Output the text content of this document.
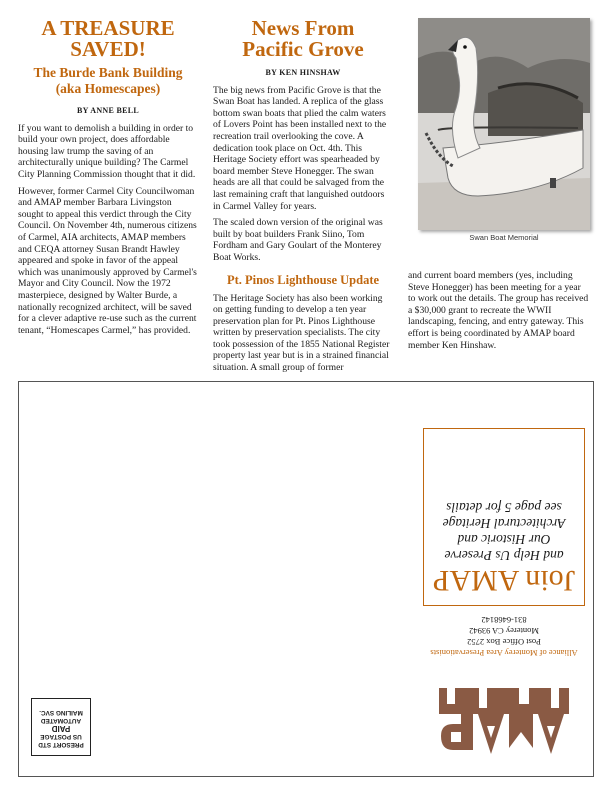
A TREASURE
SAVED!
The Burde Bank Building
(aka Homescapes)
BY ANNE BELL

If you want to demolish a building in order to build your own project, does affordable housing law trump the saving of an architecturally unique building? The Carmel City Planning Commission thought that it did.

However, former Carmel City Councilwoman and AMAP member Barbara Livingston sought to appeal this verdict through the City Council. On November 4th, numerous citizens of Carmel, AIA architects, AMAP members and CEQA attorney Susan Brandt Hawley appeared and spoke in favor of the appeal which was unanimously approved by Carmel's Mayor and City Council. Now the 1972 masterpiece, designed by Walter Burde, a nationally recognized architect, will be saved for a clever adaptive re-use such as the current tenant, “Homescapes Carmel,” has provided.

News From
Pacific Grove
BY KEN HINSHAW

The big news from Pacific Grove is that the Swan Boat has landed. A replica of the glass bottom swan boats that plied the calm waters of Lovers Point has been installed next to the recreation trail overlooking the cove. A dedication took place on Oct. 4th. This Heritage Society effort was spearheaded by board member Steve Honegger. The swan heads are all that could be salvaged from the last remaining craft that languished outdoors in Carmel Valley for years.

The scaled down version of the original was built by boat builders Frank Siino, Tom Fordham and Gary Goulart of the Monterey Boat Works.

Pt. Pinos Lighthouse Update

The Heritage Society has also been working on getting funding to develop a ten year preservation plan for Pt. Pinos Lighthouse written by preservation specialists. The city took possession of the 1855 National Register property last year but is in a strained financial situation. A small group of former

Swan Boat Memorial

and current board members (yes, including Steve Honegger) has been meeting for a year to work out the details. The group has received a $30,000 grant to recreate the WWII landscaping, fencing, and entry gateway. This effort is being coordinated by AMAP board member Ken Hinshaw.

Join AMAP
and Help Us Preserve
Our Historic and
Architectural Heritage
see page 5 for details
Alliance of Monterey Area Preservationists
Post Office Box 2752
Monterey CA 93942
831-6468142
PRESORT STD
US POSTAGE
PAID
AUTOMATED
MAILING SVC.
